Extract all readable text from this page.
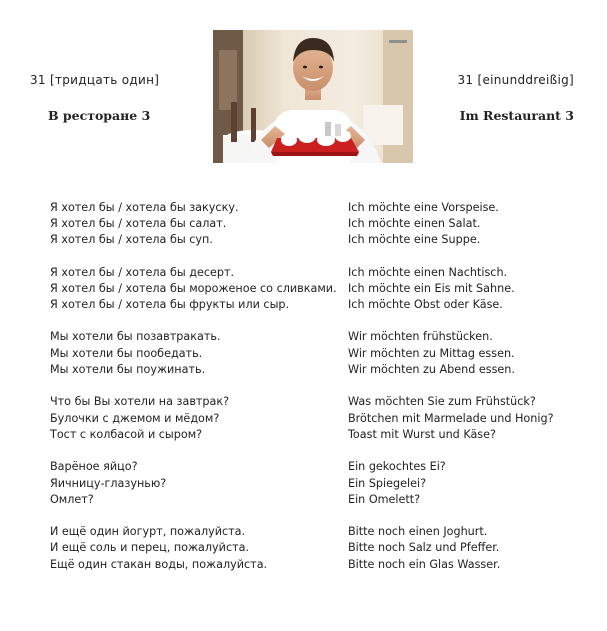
31 [тридцать один]
В ресторане 3
31 [einunddreißig]
Im Restaurant 3
Я хотел бы / хотела бы закуску.	Ich möchte eine Vorspeise.
Я хотел бы / хотела бы салат.	Ich möchte einen Salat.
Я хотел бы / хотела бы суп.	Ich möchte eine Suppe.
Я хотел бы / хотела бы десерт.	Ich möchte einen Nachtisch.
Я хотел бы / хотела бы мороженое со сливками.	Ich möchte ein Eis mit Sahne.
Я хотел бы / хотела бы фрукты или сыр.	Ich möchte Obst oder Käse.
Мы хотели бы позавтракать.	Wir möchten frühstücken.
Мы хотели бы пообедать.	Wir möchten zu Mittag essen.
Мы хотели бы поужинать.	Wir möchten zu Abend essen.
Что бы Вы хотели на завтрак?	Was möchten Sie zum Frühstück?
Булочки с джемом и мёдом?	Brötchen mit Marmelade und Honig?
Тост с колбасой и сыром?	Toast mit Wurst und Käse?
Варёное яйцо?	Ein gekochtes Ei?
Яичницу-глазунью?	Ein Spiegelei?
Омлет?	Ein Omelett?
И ещё один йогурт, пожалуйста.	Bitte noch einen Joghurt.
И ещё соль и перец, пожалуйста.	Bitte noch Salz und Pfeffer.
Ещё один стакан воды, пожалуйста.	Bitte noch ein Glas Wasser.
